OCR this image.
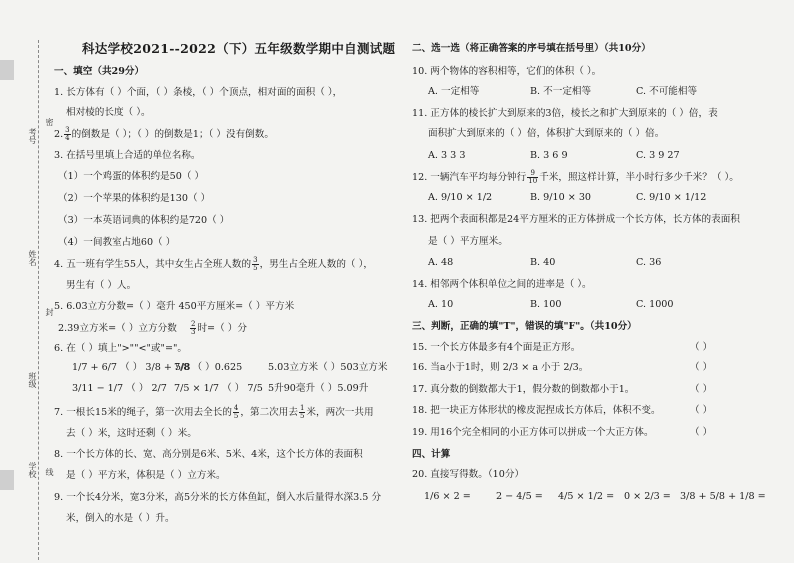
考号
密
姓名
封
班级
学校 线
科达学校2021--2022（下）五年级数学期中自测试题
一、填空（共29分）
1. 长方体有（ ）个面，（ ）条棱，（ ）个顶点，相对面的面积（ ），
相对棱的长度（ ）。
2. $\frac{3}{4}$ 的倒数是（ ）；（ ）的倒数是1；（ ）没有倒数。
3. 在括号里填上合适的单位名称。
（1）一个鸡蛋的体积约是50（ ）
（2）一个苹果的体积约是130（ ）
（3）一本英语词典的体积约是720（ ）
（4）一间教室占地60（ ）
4. 五一班有学生55人，其中女生占全班人数的 $\frac{3}{5}$ ，男生占全班人数的（ ），
男生有（ ）人。
5. 6.03立方分数=（ ）毫升 450平方厘米=（ ）平方米
2.39立方米=（ ）立方分数 $\frac{2}{3}$ 时=（ ）分
6. 在（ ）填上">""<"或"="。
1/7 + 6/7 （ ） 3/8 + 5/8
7/8 （ ）0.625	5.03立方米（ ）503立方米
3/11 − 1/7 （ ） 2/7 7/5 × 1/7 （ ） 7/5 5升90毫升（ ）5.09升
7. 一根长15米的绳子，第一次用去全长的 $\frac{4}{5}$ ，第二次用去 $\frac{1}{5}$ 米，两次一共用
去（ ）米，这时还剩（ ）米。
8. 一个长方体的长、宽、高分别是6米、5米、4米，这个长方体的表面积
是（ ）平方米，体积是（ ）立方米。
9. 一个长4分米，宽3分米，高5分米的长方体鱼缸，倒入水后量得水深3.5 分
米，倒入的水是（ ）升。
二、选一选（将正确答案的序号填在括号里）（共10分）
10. 两个物体的容积相等，它们的体积（ ）。
A. 一定相等	B. 不一定相等	C. 不可能相等
11. 正方体的棱长扩大到原来的3倍，棱长之和扩大到原来的（ ）倍，表
面积扩大到原来的（ ）倍，体积扩大到原来的（ ）倍。
A. 3 3 3	B. 3 6 9	C. 3 9 27
12. 一辆汽车平均每分钟行 $\frac{9}{10}$ 千米，照这样计算，半小时行多少千米？（ ）。
A. 9/10 × 1/2	B. 9/10 × 30	C. 9/10 × 1/12
13. 把两个表面积都是24平方厘米的正方体拼成一个长方体，长方体的表面积
是（ ）平方厘米。
A. 48	B. 40	C. 36
14. 相邻两个体积单位之间的进率是（ ）。
A. 10	B. 100	C. 1000
三、判断，正确的填"T"，错误的填"F"。（共10分）
15. 一个长方体最多有4个面是正方形。	（ ）
16. 当a小于1时，则 2/3 × a 小于 2/3。	（ ）
17. 真分数的倒数都大于1，假分数的倒数都小于1。	（ ）
18. 把一块正方体形状的橡皮泥捏成长方体后，体积不变。	（ ）
19. 用16个完全相同的小正方体可以拼成一个大正方体。	（ ）
四、计算
20. 直接写得数。（10分）
1/6 × 2 =	2 − 4/5 = 4/5 × 1/2 = 0 × 2/3 = 3/8 + 5/8 + 1/8 =
